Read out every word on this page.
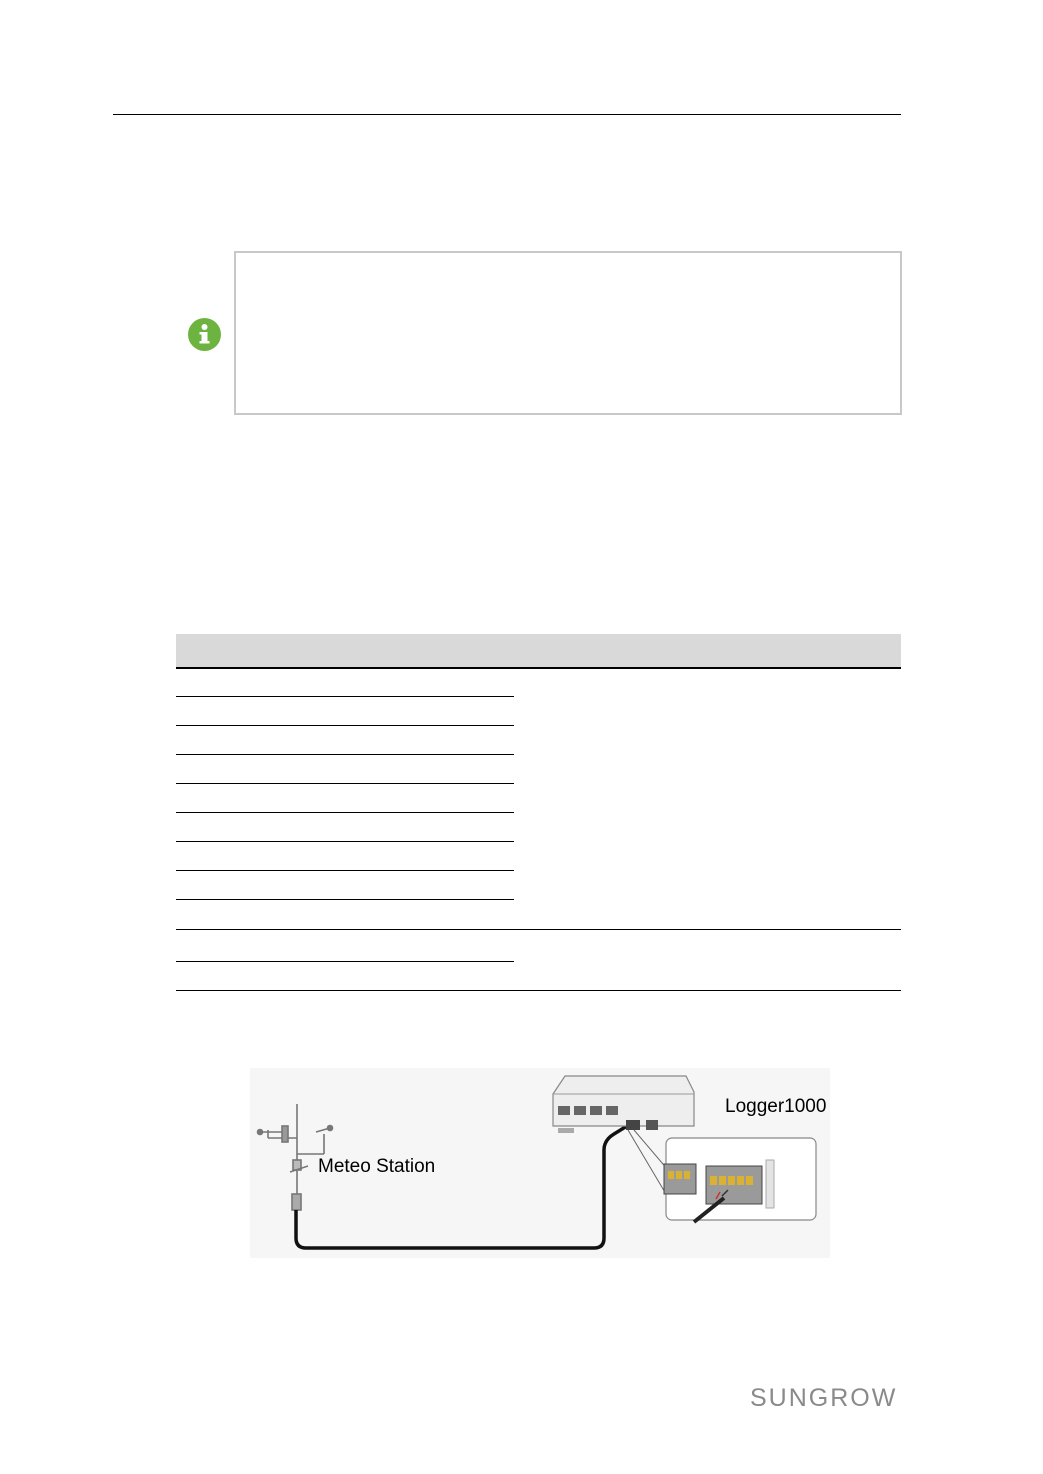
Meteo Station
Logger1000
SUNGROW
